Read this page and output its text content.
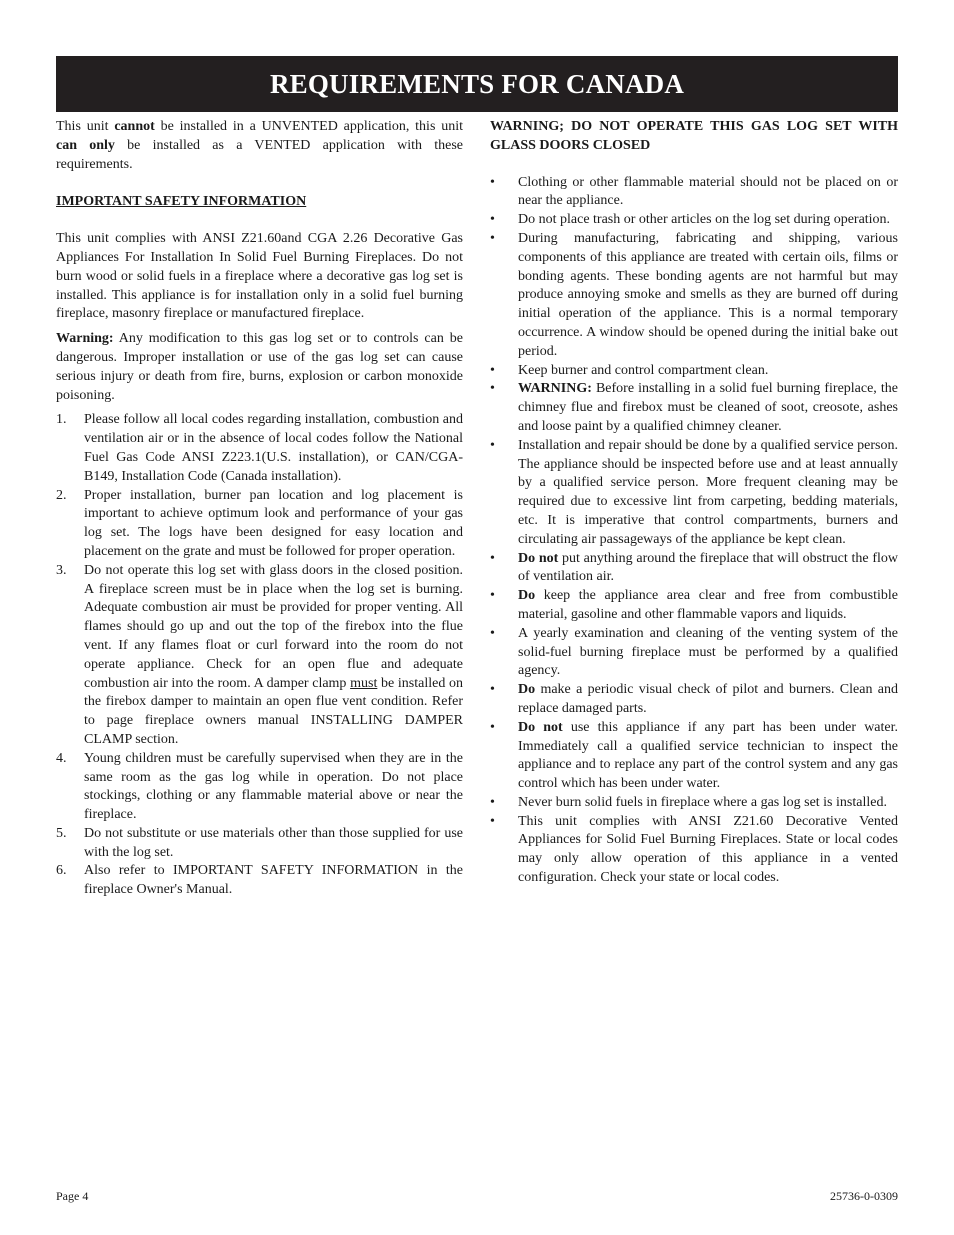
REQUIREMENTS FOR CANADA

This unit cannot be installed in a UNVENTED application, this unit can only be installed as a VENTED application with these requirements.

IMPORTANT SAFETY INFORMATION

This unit complies with ANSI Z21.60and CGA 2.26 Decorative Gas Appliances For Installation In Solid Fuel Burning Fireplaces. Do not burn wood or solid fuels in a fireplace where a decorative gas log set is installed. This appliance is for installation only in a solid fuel burning fireplace, masonry fireplace or manufactured fireplace.

Warning: Any modification to this gas log set or to controls can be dangerous. Improper installation or use of the gas log set can cause serious injury or death from fire, burns, explosion or carbon monoxide poisoning.

1. Please follow all local codes regarding installation, combustion and ventilation air or in the absence of local codes follow the National Fuel Gas Code ANSI Z223.1(U.S. installation), or CAN/CGA-B149, Installation Code (Canada installation).
2. Proper installation, burner pan location and log placement is important to achieve optimum look and performance of your gas log set. The logs have been designed for easy location and placement on the grate and must be followed for proper operation.
3. Do not operate this log set with glass doors in the closed position. A fireplace screen must be in place when the log set is burning. Adequate combustion air must be provided for proper venting. All flames should go up and out the top of the firebox into the flue vent. If any flames float or curl forward into the room do not operate appliance. Check for an open flue and adequate combustion air into the room. A damper clamp must be installed on the firebox damper to maintain an open flue vent condition. Refer to page fireplace owners manual INSTALLING DAMPER CLAMP section.
4. Young children must be carefully supervised when they are in the same room as the gas log while in operation. Do not place stockings, clothing or any flammable material above or near the fireplace.
5. Do not substitute or use materials other than those supplied for use with the log set.
6. Also refer to IMPORTANT SAFETY INFORMATION in the fireplace Owner's Manual.

WARNING; DO NOT OPERATE THIS GAS LOG SET WITH GLASS DOORS CLOSED

• Clothing or other flammable material should not be placed on or near the appliance.
• Do not place trash or other articles on the log set during operation.
• During manufacturing, fabricating and shipping, various components of this appliance are treated with certain oils, films or bonding agents. These bonding agents are not harmful but may produce annoying smoke and smells as they are burned off during initial operation of the appliance. This is a normal temporary occurrence. A window should be opened during the initial bake out period.
• Keep burner and control compartment clean.
• WARNING: Before installing in a solid fuel burning fireplace, the chimney flue and firebox must be cleaned of soot, creosote, ashes and loose paint by a qualified chimney cleaner.
• Installation and repair should be done by a qualified service person. The appliance should be inspected before use and at least annually by a qualified service person. More frequent cleaning may be required due to excessive lint from carpeting, bedding materials, etc. It is imperative that control compartments, burners and circulating air passageways of the appliance be kept clean.
• Do not put anything around the fireplace that will obstruct the flow of ventilation air.
• Do keep the appliance area clear and free from combustible material, gasoline and other flammable vapors and liquids.
• A yearly examination and cleaning of the venting system of the solid-fuel burning fireplace must be performed by a qualified agency.
• Do make a periodic visual check of pilot and burners. Clean and replace damaged parts.
• Do not use this appliance if any part has been under water. Immediately call a qualified service technician to inspect the appliance and to replace any part of the control system and any gas control which has been under water.
• Never burn solid fuels in fireplace where a gas log set is installed.
• This unit complies with ANSI Z21.60 Decorative Vented Appliances for Solid Fuel Burning Fireplaces. State or local codes may only allow operation of this appliance in a vented configuration. Check your state or local codes.
Page 4	25736-0-0309
